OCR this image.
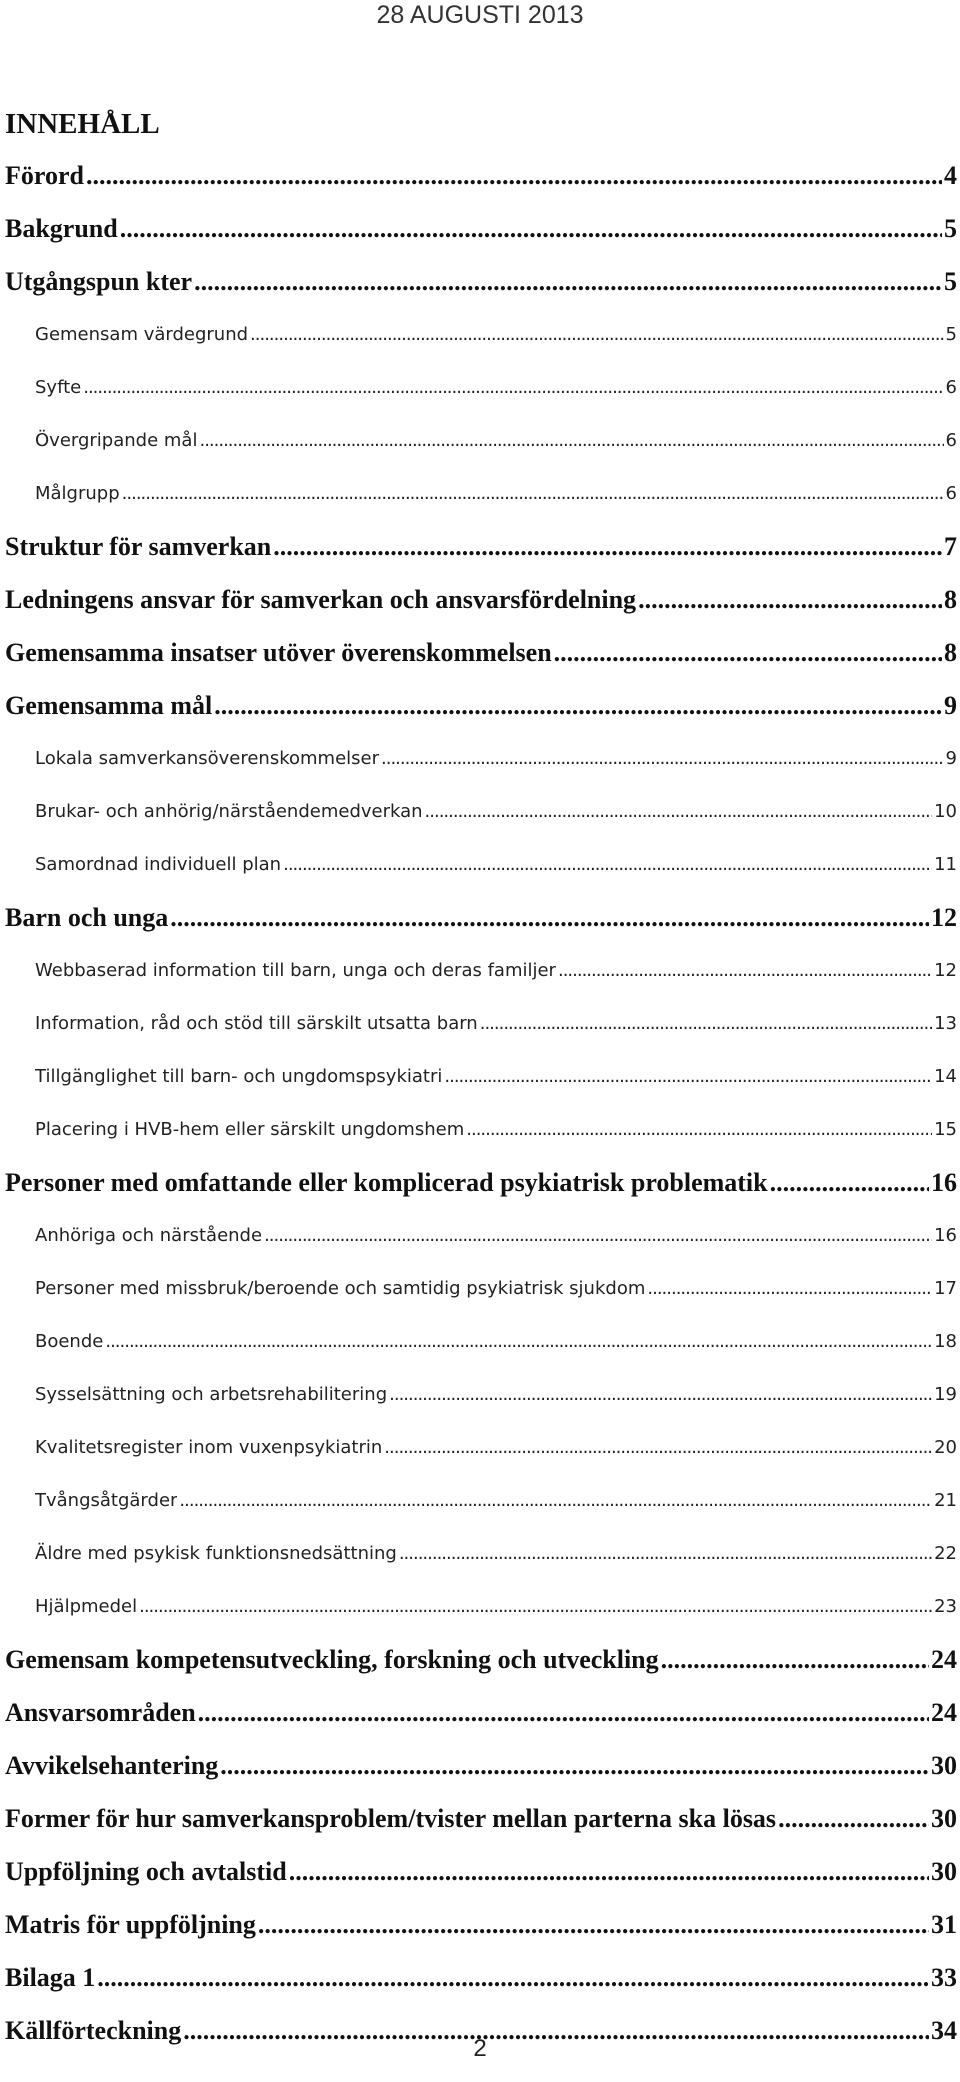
28 AUGUSTI 2013
INNEHÅLL
Förord .....	4
Bakgrund .....	5
Utgångspun kter .....	5
Gemensam värdegrund .....	5
Syfte .....	6
Övergripande mål .....	6
Målgrupp .....	6
Struktur för samverkan .....	7
Ledningens ansvar för samverkan och ansvarsfördelning .....	8
Gemensamma insatser utöver överenskommelsen .....	8
Gemensamma mål .....	9
Lokala samverkansöverenskommelser .....	9
Brukar- och anhörig/närståendemedverkan .....	10
Samordnad individuell plan .....	11
Barn och unga .....	12
Webbaserad information till barn, unga och deras familjer .....	12
Information, råd och stöd till särskilt utsatta barn .....	13
Tillgänglighet till barn- och ungdomspsykiatri .....	14
Placering i HVB-hem eller särskilt ungdomshem .....	15
Personer med omfattande eller komplicerad psykiatrisk problematik .....	16
Anhöriga och närstående .....	16
Personer med missbruk/beroende och samtidig psykiatrisk sjukdom .....	17
Boende .....	18
Sysselsättning och arbetsrehabilitering .....	19
Kvalitetsregister inom vuxenpsykiatrin .....	20
Tvångsåtgärder .....	21
Äldre med psykisk funktionsnedsättning .....	22
Hjälpmedel .....	23
Gemensam kompetensutveckling, forskning och utveckling .....	24
Ansvarsområden .....	24
Avvikelsehantering .....	30
Former för hur samverkansproblem/tvister mellan parterna ska lösas .....	30
Uppföljning och avtalstid .....	30
Matris för uppföljning .....	31
Bilaga 1 .....	33
Källförteckning .....	34
2
